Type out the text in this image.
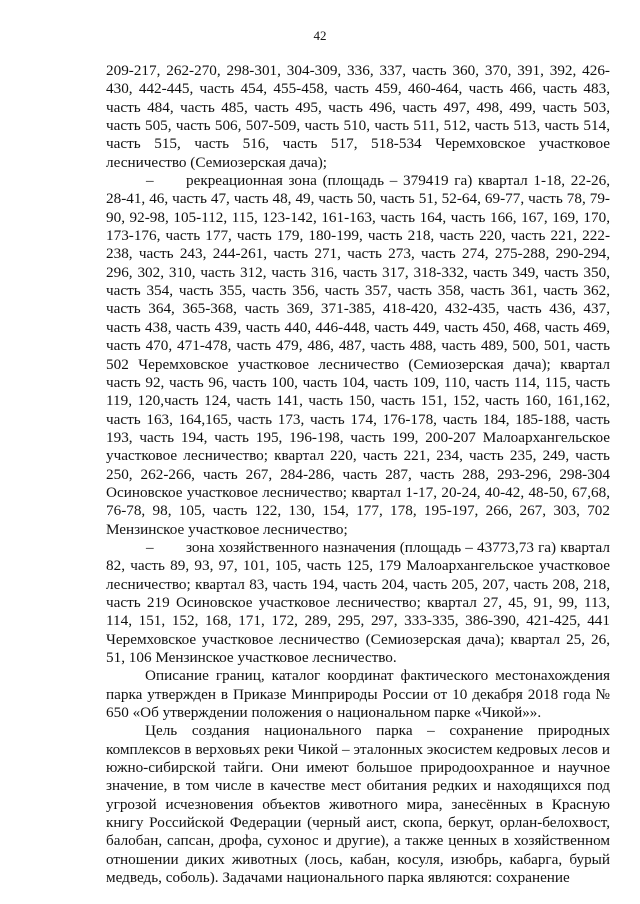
42

209-217, 262-270, 298-301, 304-309, 336, 337, часть 360, 370, 391, 392, 426-430, 442-445, часть 454, 455-458, часть 459, 460-464, часть 466, часть 483, часть 484, часть 485, часть 495, часть 496, часть 497, 498, 499, часть 503, часть 505, часть 506, 507-509, часть 510, часть 511, 512, часть 513, часть 514, часть 515, часть 516, часть 517, 518-534 Черемховское участковое лесничество (Семиозерская дача);

– рекреационная зона (площадь – 379419 га) квартал 1-18, 22-26, 28-41, 46, часть 47, часть 48, 49, часть 50, часть 51, 52-64, 69-77, часть 78, 79-90, 92-98, 105-112, 115, 123-142, 161-163, часть 164, часть 166, 167, 169, 170, 173-176, часть 177, часть 179, 180-199, часть 218, часть 220, часть 221, 222-238, часть 243, 244-261, часть 271, часть 273, часть 274, 275-288, 290-294, 296, 302, 310, часть 312, часть 316, часть 317, 318-332, часть 349, часть 350, часть 354, часть 355, часть 356, часть 357, часть 358, часть 361, часть 362, часть 364, 365-368, часть 369, 371-385, 418-420, 432-435, часть 436, 437, часть 438, часть 439, часть 440, 446-448, часть 449, часть 450, 468, часть 469, часть 470, 471-478, часть 479, 486, 487, часть 488, часть 489, 500, 501, часть 502 Черемховское участковое лесничество (Семиозерская дача); квартал часть 92, часть 96, часть 100, часть 104, часть 109, 110, часть 114, 115, часть 119, 120,часть 124, часть 141, часть 150, часть 151, 152, часть 160, 161,162, часть 163, 164,165, часть 173, часть 174, 176-178, часть 184, 185-188, часть 193, часть 194, часть 195, 196-198, часть 199, 200-207 Малоархангельское участковое лесничество; квартал 220, часть 221, 234, часть 235, 249, часть 250, 262-266, часть 267, 284-286, часть 287, часть 288, 293-296, 298-304 Осиновское участковое лесничество; квартал 1-17, 20-24, 40-42, 48-50, 67,68, 76-78, 98, 105, часть 122, 130, 154, 177, 178, 195-197, 266, 267, 303, 702 Мензинское участковое лесничество;

– зона хозяйственного назначения (площадь – 43773,73 га) квартал 82, часть 89, 93, 97, 101, 105, часть 125, 179 Малоархангельское участковое лесничество; квартал 83, часть 194, часть 204, часть 205, 207, часть 208, 218, часть 219 Осиновское участковое лесничество; квартал 27, 45, 91, 99, 113, 114, 151, 152, 168, 171, 172, 289, 295, 297, 333-335, 386-390, 421-425, 441 Черемховское участковое лесничество (Семиозерская дача); квартал 25, 26, 51, 106 Мензинское участковое лесничество.

Описание границ, каталог координат фактического местонахождения парка утвержден в Приказе Минприроды России от 10 декабря 2018 года № 650 «Об утверждении положения о национальном парке «Чикой»».

Цель создания национального парка – сохранение природных комплексов в верховьях реки Чикой – эталонных экосистем кедровых лесов и южно-сибирской тайги. Они имеют большое природоохранное и научное значение, в том числе в качестве мест обитания редких и находящихся под угрозой исчезновения объектов животного мира, занесённых в Красную книгу Российской Федерации (черный аист, скопа, беркут, орлан-белохвост, балобан, сапсан, дрофа, сухонос и другие), а также ценных в хозяйственном отношении диких животных (лось, кабан, косуля, изюбрь, кабарга, бурый медведь, соболь). Задачами национального парка являются: сохранение
